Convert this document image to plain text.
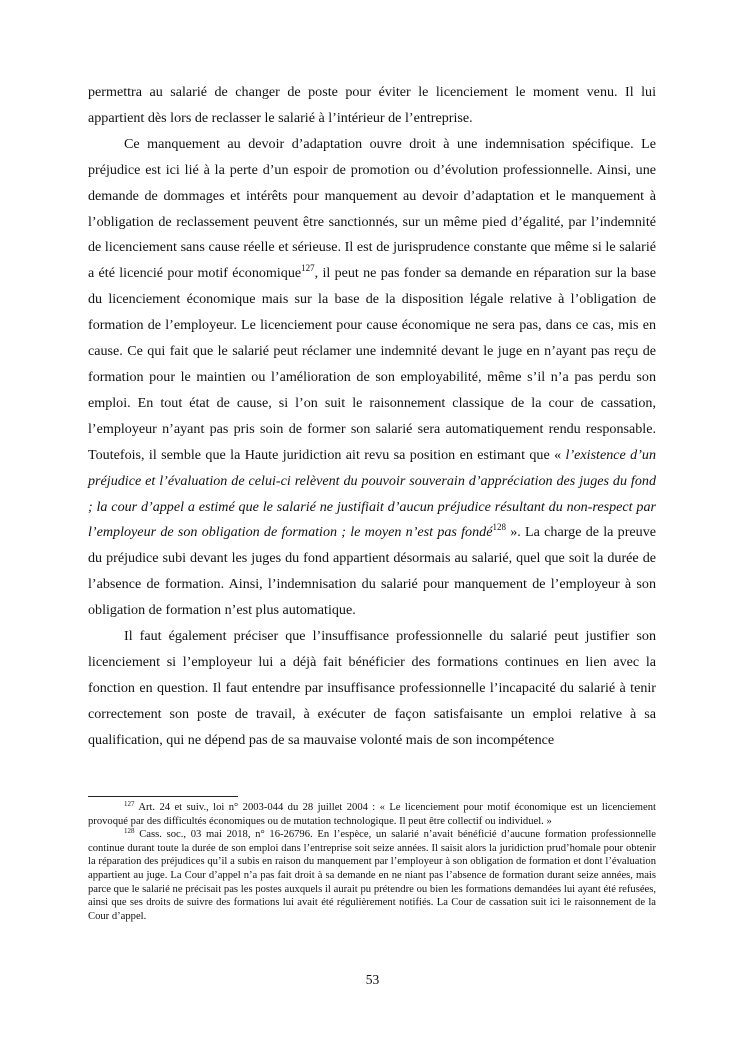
permettra au salarié de changer de poste pour éviter le licenciement le moment venu. Il lui appartient dès lors de reclasser le salarié à l’intérieur de l’entreprise.

Ce manquement au devoir d’adaptation ouvre droit à une indemnisation spécifique. Le préjudice est ici lié à la perte d’un espoir de promotion ou d’évolution professionnelle. Ainsi, une demande de dommages et intérêts pour manquement au devoir d’adaptation et le manquement à l’obligation de reclassement peuvent être sanctionnés, sur un même pied d’égalité, par l’indemnité de licenciement sans cause réelle et sérieuse. Il est de jurisprudence constante que même si le salarié a été licencié pour motif économique$^{127}$, il peut ne pas fonder sa demande en réparation sur la base du licenciement économique mais sur la base de la disposition légale relative à l’obligation de formation de l’employeur. Le licenciement pour cause économique ne sera pas, dans ce cas, mis en cause. Ce qui fait que le salarié peut réclamer une indemnité devant le juge en n’ayant pas reçu de formation pour le maintien ou l’amélioration de son employabilité, même s’il n’a pas perdu son emploi. En tout état de cause, si l’on suit le raisonnement classique de la cour de cassation, l’employeur n’ayant pas pris soin de former son salarié sera automatiquement rendu responsable. Toutefois, il semble que la Haute juridiction ait revu sa position en estimant que « l’existence d’un préjudice et l’évaluation de celui-ci relèvent du pouvoir souverain d’appréciation des juges du fond ; la cour d’appel a estimé que le salarié ne justifiait d’aucun préjudice résultant du non-respect par l’employeur de son obligation de formation ; le moyen n’est pas fondé$^{128}$ ». La charge de la preuve du préjudice subi devant les juges du fond appartient désormais au salarié, quel que soit la durée de l’absence de formation. Ainsi, l’indemnisation du salarié pour manquement de l’employeur à son obligation de formation n’est plus automatique.

Il faut également préciser que l’insuffisance professionnelle du salarié peut justifier son licenciement si l’employeur lui a déjà fait bénéficier des formations continues en lien avec la fonction en question. Il faut entendre par insuffisance professionnelle l’incapacité du salarié à tenir correctement son poste de travail, à exécuter de façon satisfaisante un emploi relative à sa qualification, qui ne dépend pas de sa mauvaise volonté mais de son incompétence

$^{127}$ Art. 24 et suiv., loi n° 2003-044 du 28 juillet 2004 : « Le licenciement pour motif économique est un licenciement provoqué par des difficultés économiques ou de mutation technologique. Il peut être collectif ou individuel. »

$^{128}$ Cass. soc., 03 mai 2018, n° 16-26796. En l’espèce, un salarié n’avait bénéficié d’aucune formation professionnelle continue durant toute la durée de son emploi dans l’entreprise soit seize années. Il saisit alors la juridiction prud’homale pour obtenir la réparation des préjudices qu’il a subis en raison du manquement par l’employeur à son obligation de formation et dont l’évaluation appartient au juge. La Cour d’appel n’a pas fait droit à sa demande en ne niant pas l’absence de formation durant seize années, mais parce que le salarié ne précisait pas les postes auxquels il aurait pu prétendre ou bien les formations demandées lui ayant été refusées, ainsi que ses droits de suivre des formations lui avait été régulièrement notifiés. La Cour de cassation suit ici le raisonnement de la Cour d’appel.

53
